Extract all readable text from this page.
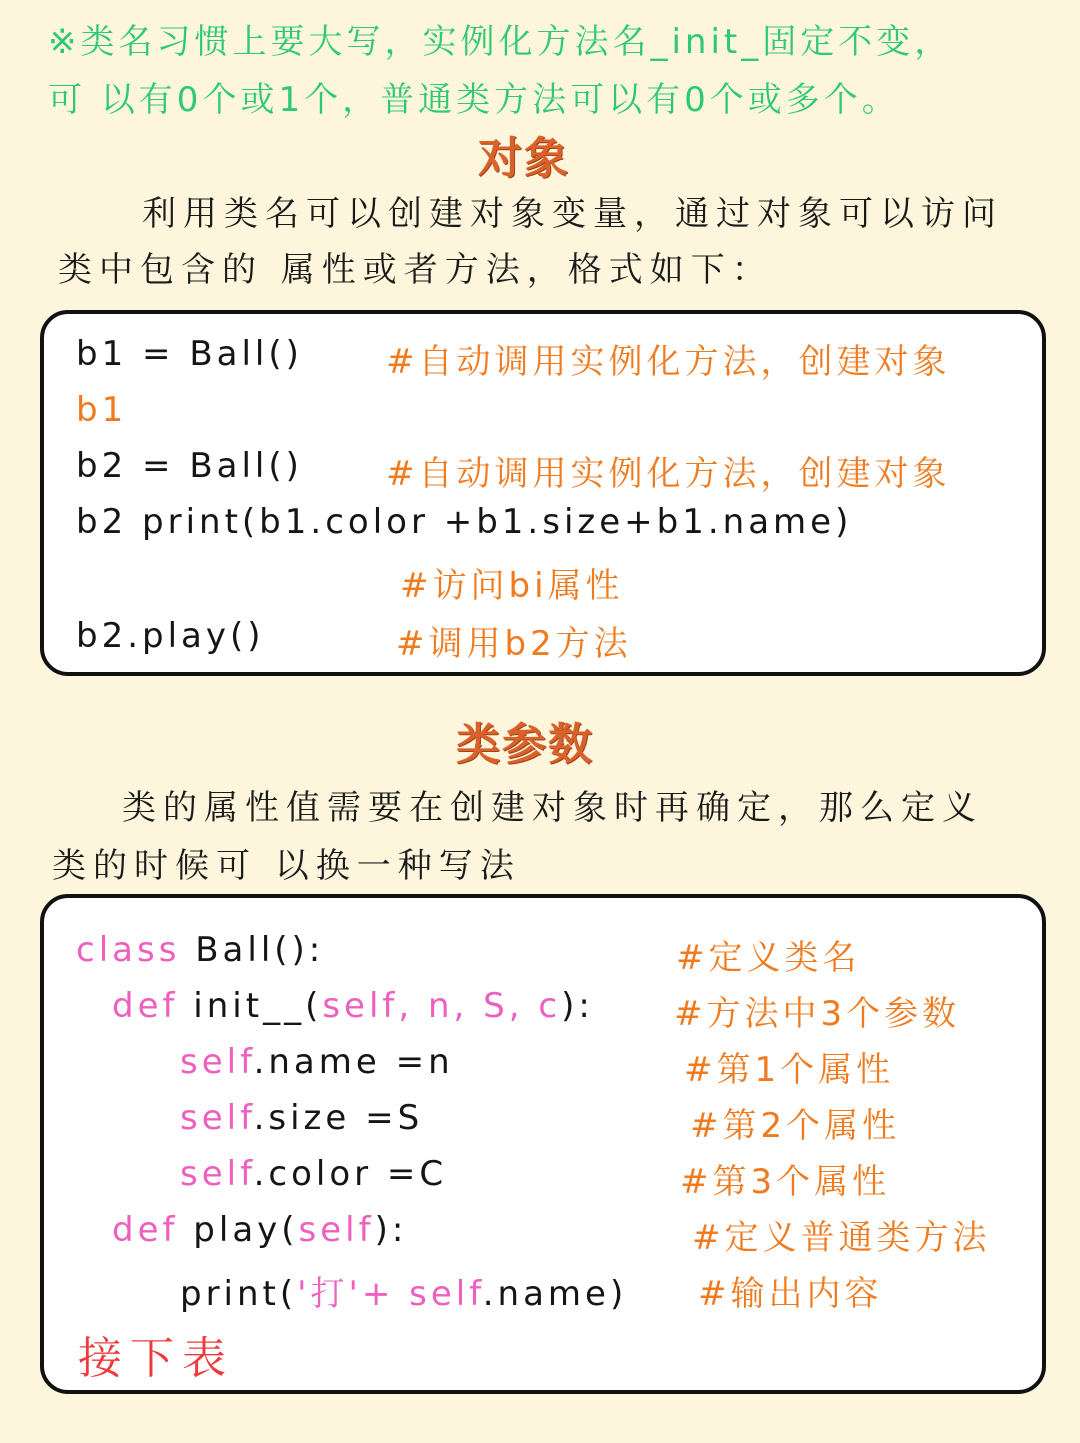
※类名习惯上要大写，实例化方法名_init_固定不变，
可 以有0个或1个，普通类方法可以有0个或多个。
对象
利用类名可以创建对象变量，通过对象可以访问
类中包含的 属性或者方法，格式如下：
b1 = Ball() #自动调用实例化方法，创建对象
b1
b2 = Ball() #自动调用实例化方法，创建对象
b2 print(b1.color +b1.size+b1.name)
#访问bi属性
b2.play()	#调用b2方法
类参数
类的属性值需要在创建对象时再确定，那么定义
类的时候可 以换一种写法
class Ball():	#定义类名
def init__(self, n, S, c): #方法中3个参数
self.name =n	#第1个属性
self.size =S	#第2个属性
self.color =C	#第3个属性
def play(self):	#定义普通类方法
print('打'+ self.name) #输出内容
接下表
